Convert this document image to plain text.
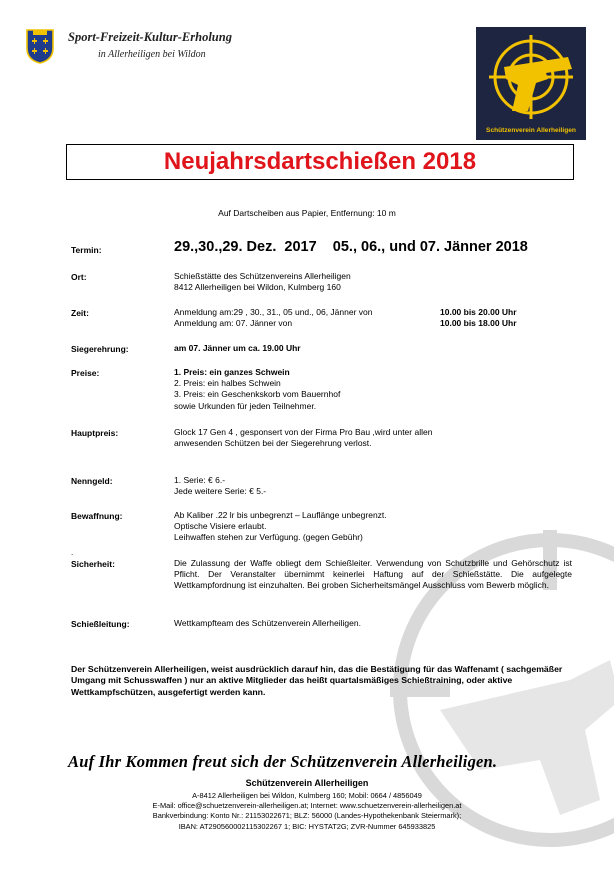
Sport-Freizeit-Kultur-Erholung
in Allerheiligen bei Wildon
Schützenverein Allerheiligen
Neujahrsdartschießen 2018
Auf Dartscheiben aus Papier, Entfernung: 10 m
Termin:	29.,30.,29. Dez.  2017    05., 06., und 07. Jänner 2018
Ort:	Schießstätte des Schützenvereins Allerheiligen
8412 Allerheiligen bei Wildon, Kulmberg 160
Zeit:	Anmeldung am:29 , 30., 31., 05 und., 06, Jänner von	10.00 bis 20.00 Uhr
Anmeldung am: 07. Jänner von	10.00 bis 18.00 Uhr
Siegerehrung:	am 07. Jänner um ca. 19.00 Uhr
Preise:	1. Preis: ein ganzes Schwein
2. Preis: ein halbes Schwein
3. Preis: ein Geschenkskorb vom Bauernhof
sowie Urkunden für jeden Teilnehmer.
Hauptpreis:	Glock 17 Gen 4 , gesponsert von der Firma Pro Bau ,wird unter allen
anwesenden Schützen bei der Siegerehrung verlost.
Nenngeld:	1. Serie: € 6.-
Jede weitere Serie: € 5.-
Bewaffnung:	Ab Kaliber .22 lr bis unbegrenzt – Lauflänge unbegrenzt.
Optische Visiere erlaubt.
Leihwaffen stehen zur Verfügung. (gegen Gebühr)
.
Sicherheit:	Die Zulassung der Waffe obliegt dem Schießleiter. Verwendung von Schutzbrille und Gehörschutz ist Pflicht. Der Veranstalter übernimmt keinerlei Haftung auf der Schießstätte. Die aufgelegte Wettkampfordnung ist einzuhalten. Bei groben Sicherheitsmängel Ausschluss vom Bewerb möglich.
Schießleitung:	Wettkampfteam des Schützenverein Allerheiligen.
Der Schützenverein Allerheiligen, weist ausdrücklich darauf hin, das die Bestätigung für das Waffenamt ( sachgemäßer Umgang mit Schusswaffen ) nur an aktive Mitglieder das heißt quartalsmäßiges Schießtraining, oder aktive Wettkampfschützen, ausgefertigt werden kann.
Auf Ihr Kommen freut sich der Schützenverein Allerheiligen.
Schützenverein Allerheiligen
A-8412 Allerheiligen bei Wildon, Kulmberg 160; Mobil: 0664 / 4856049
E-Mail: office@schuetzenverein-allerheiligen.at; Internet: www.schuetzenverein-allerheiligen.at
Bankverbindung: Konto Nr.: 21153022671; BLZ: 56000 (Landes-Hypothekenbank Steiermark);
IBAN: AT290560002115302267 1; BIC: HYSTAT2G; ZVR-Nummer 645933825
